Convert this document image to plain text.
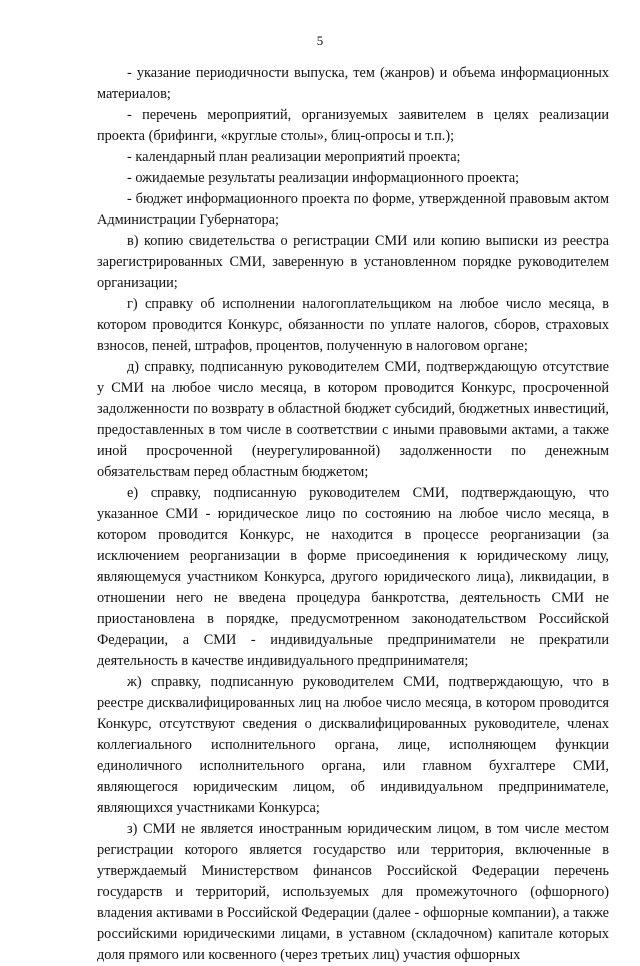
5

- указание периодичности выпуска, тем (жанров) и объема информационных материалов;

- перечень мероприятий, организуемых заявителем в целях реализации проекта (брифинги, «круглые столы», блиц-опросы и т.п.);

- календарный план реализации мероприятий проекта;

- ожидаемые результаты реализации информационного проекта;

- бюджет информационного проекта по форме, утвержденной правовым актом Администрации Губернатора;

в) копию свидетельства о регистрации СМИ или копию выписки из реестра зарегистрированных СМИ, заверенную в установленном порядке руководителем организации;

г) справку об исполнении налогоплательщиком на любое число месяца, в котором проводится Конкурс, обязанности по уплате налогов, сборов, страховых взносов, пеней, штрафов, процентов, полученную в налоговом органе;

д) справку, подписанную руководителем СМИ, подтверждающую отсутствие у СМИ на любое число месяца, в котором проводится Конкурс, просроченной задолженности по возврату в областной бюджет субсидий, бюджетных инвестиций, предоставленных в том числе в соответствии с иными правовыми актами, а также иной просроченной (неурегулированной) задолженности по денежным обязательствам перед областным бюджетом;

е) справку, подписанную руководителем СМИ, подтверждающую, что указанное СМИ - юридическое лицо по состоянию на любое число месяца, в котором проводится Конкурс, не находится в процессе реорганизации (за исключением реорганизации в форме присоединения к юридическому лицу, являющемуся участником Конкурса, другого юридического лица), ликвидации, в отношении него не введена процедура банкротства, деятельность СМИ не приостановлена в порядке, предусмотренном законодательством Российской Федерации, а СМИ - индивидуальные предприниматели не прекратили деятельность в качестве индивидуального предпринимателя;

ж) справку, подписанную руководителем СМИ, подтверждающую, что в реестре дисквалифицированных лиц на любое число месяца, в котором проводится Конкурс, отсутствуют сведения о дисквалифицированных руководителе, членах коллегиального исполнительного органа, лице, исполняющем функции единоличного исполнительного органа, или главном бухгалтере СМИ, являющегося юридическим лицом, об индивидуальном предпринимателе, являющихся участниками Конкурса;

з) СМИ не является иностранным юридическим лицом, в том числе местом регистрации которого является государство или территория, включенные в утверждаемый Министерством финансов Российской Федерации перечень государств и территорий, используемых для промежуточного (офшорного) владения активами в Российской Федерации (далее - офшорные компании), а также российскими юридическими лицами, в уставном (складочном) капитале которых доля прямого или косвенного (через третьих лиц) участия офшорных
